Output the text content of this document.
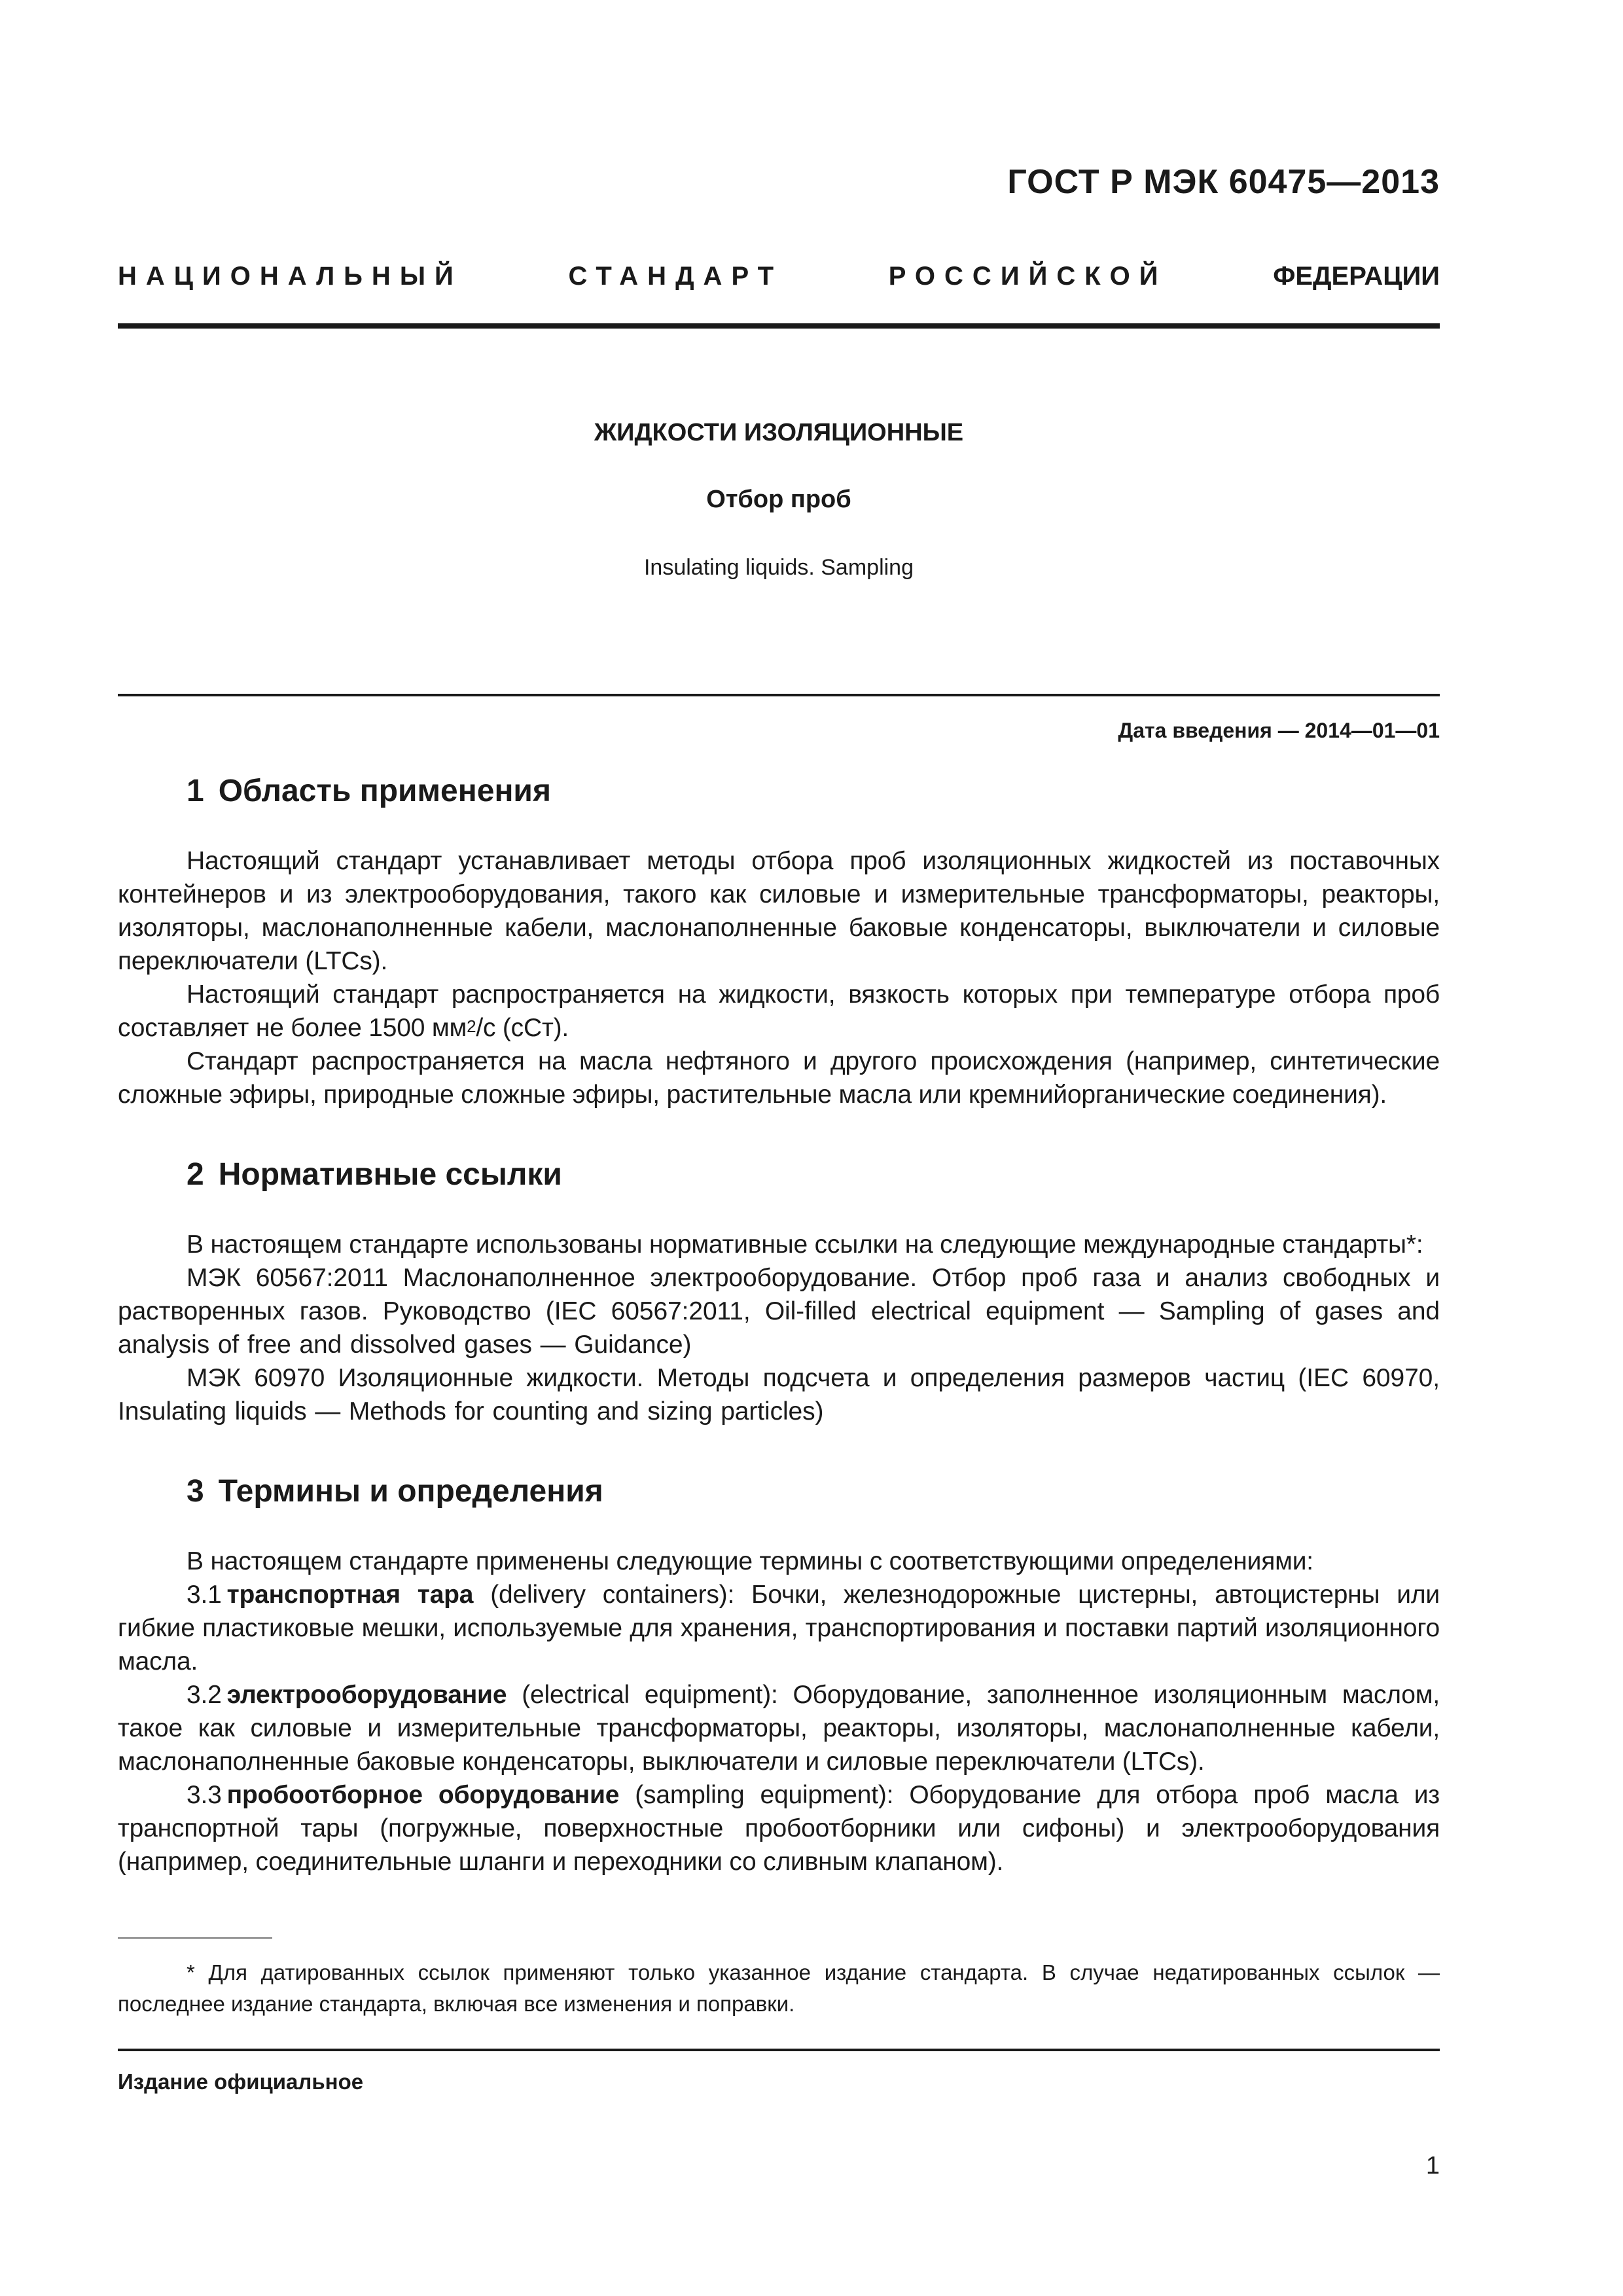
ГОСТ Р МЭК 60475—2013

НАЦИОНАЛЬНЫЙ	СТАНДАРТ	РОССИЙСКОЙ	ФЕДЕРАЦИИ

ЖИДКОСТИ ИЗОЛЯЦИОННЫЕ

Отбор проб

Insulating liquids. Sampling

Дата введения — 2014—01—01

1 Область применения

Настоящий стандарт устанавливает методы отбора проб изоляционных жидкостей из поставочных контейнеров и из электрооборудования, такого как силовые и измерительные трансформаторы, реакторы, изоляторы, маслонаполненные кабели, маслонаполненные баковые конденсаторы, выключатели и силовые переключатели (LTCs).

Настоящий стандарт распространяется на жидкости, вязкость которых при температуре отбора проб составляет не более 1500 $мм^2/с$ (сСт).

Стандарт распространяется на масла нефтяного и другого происхождения (например, синтетические сложные эфиры, природные сложные эфиры, растительные масла или кремнийорганические соединения).

2 Нормативные ссылки

В настоящем стандарте использованы нормативные ссылки на следующие международные стандарты*:

МЭК 60567:2011 Маслонаполненное электрооборудование. Отбор проб газа и анализ свободных и растворенных газов. Руководство (IEC 60567:2011, Oil-filled electrical equipment — Sampling of gases and analysis of free and dissolved gases — Guidance)

МЭК 60970 Изоляционные жидкости. Методы подсчета и определения размеров частиц (IEC 60970, Insulating liquids — Methods for counting and sizing particles)

3 Термины и определения

В настоящем стандарте применены следующие термины с соответствующими определениями:

3.1 транспортная тара (delivery containers): Бочки, железнодорожные цистерны, автоцистерны или гибкие пластиковые мешки, используемые для хранения, транспортирования и поставки партий изоляционного масла.

3.2 электрооборудование (electrical equipment): Оборудование, заполненное изоляционным маслом, такое как силовые и измерительные трансформаторы, реакторы, изоляторы, маслонаполненные кабели, маслонаполненные баковые конденсаторы, выключатели и силовые переключатели (LTCs).

3.3 пробоотборное оборудование (sampling equipment): Оборудование для отбора проб масла из транспортной тары (погружные, поверхностные пробоотборники или сифоны) и электрооборудования (например, соединительные шланги и переходники со сливным клапаном).

* Для датированных ссылок применяют только указанное издание стандарта. В случае недатированных ссылок — последнее издание стандарта, включая все изменения и поправки.

Издание официальное

1
